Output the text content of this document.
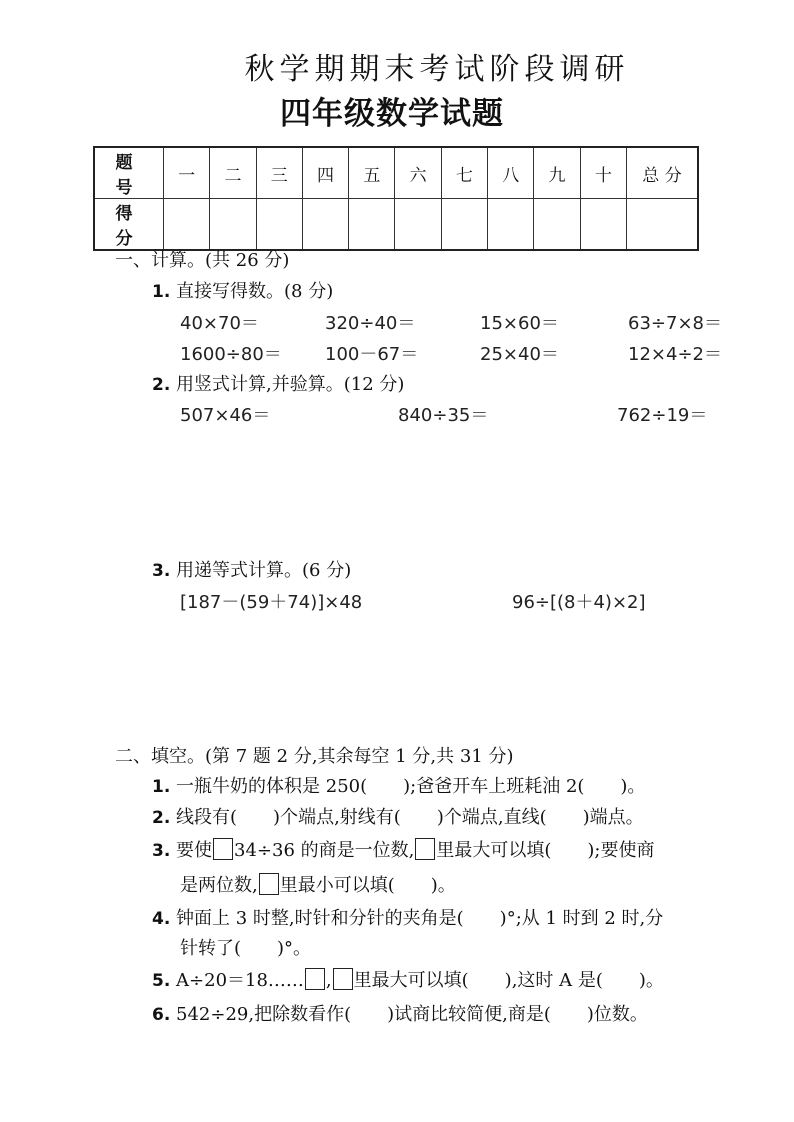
秋学期期末考试阶段调研
四年级数学试题
题 号	一	二	三	四	五	六	七	八	九	十	总 分
得 分											
一、计算。(共 26 分)
1. 直接写得数。(8 分)
40×70＝	320÷40＝	15×60＝	63÷7×8＝
1600÷80＝ 100－67＝	25×40＝	12×4÷2＝
2. 用竖式计算,并验算。(12 分)
507×46＝	840÷35＝	762÷19＝
3. 用递等式计算。(6 分)
[187－(59＋74)]×48	96÷[(8＋4)×2]
二、填空。(第 7 题 2 分,其余每空 1 分,共 31 分)
1. 一瓶牛奶的体积是 250(　　);爸爸开车上班耗油 2(　　)。
2. 线段有(　　)个端点,射线有(　　)个端点,直线(　　)端点。
3. 要使 34÷36 的商是一位数, 里最大可以填(　　);要使商
是两位数, 里最小可以填(　　)。
4. 钟面上 3 时整,时针和分针的夹角是(　　)°;从 1 时到 2 时,分
针转了(　　)°。
5. A÷20＝18…… , 里最大可以填(　　),这时 A 是(　　)。
6. 542÷29,把除数看作(　　)试商比较简便,商是(　　)位数。
